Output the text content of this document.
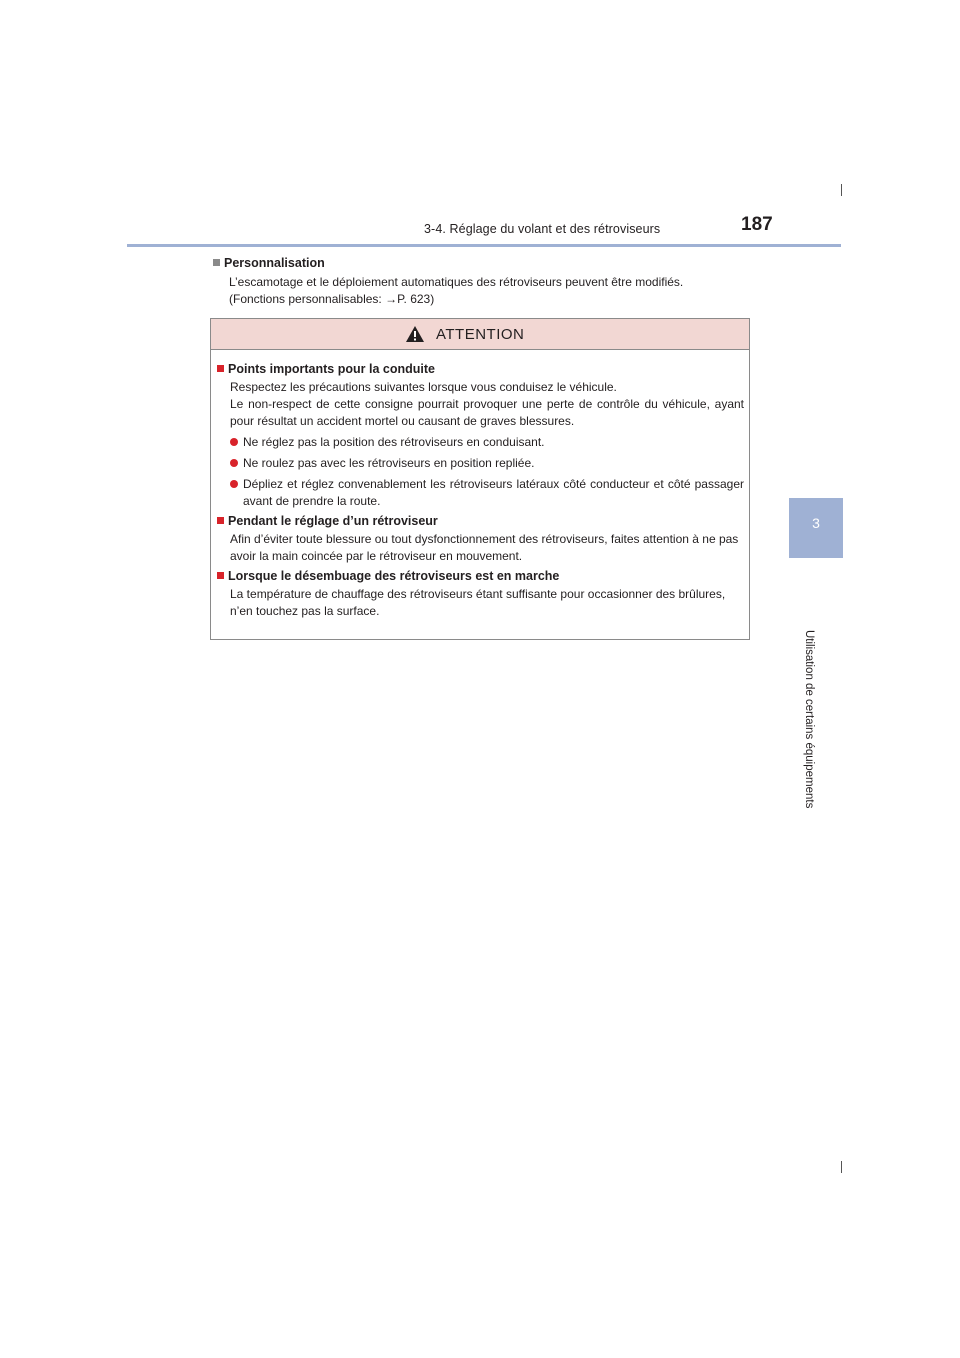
3-4. Réglage du volant et des rétroviseurs	187
3
Utilisation de certains équipements
Personnalisation
L’escamotage et le déploiement automatiques des rétroviseurs peuvent être modifiés.
(Fonctions personnalisables: →P. 623)
ATTENTION
Points importants pour la conduite
Respectez les précautions suivantes lorsque vous conduisez le véhicule.
Le non-respect de cette consigne pourrait provoquer une perte de contrôle du véhicule, ayant pour résultat un accident mortel ou causant de graves blessures.
Ne réglez pas la position des rétroviseurs en conduisant.
Ne roulez pas avec les rétroviseurs en position repliée.
Dépliez et réglez convenablement les rétroviseurs latéraux côté conducteur et côté passager avant de prendre la route.
Pendant le réglage d’un rétroviseur
Afin d’éviter toute blessure ou tout dysfonctionnement des rétroviseurs, faites attention à ne pas avoir la main coincée par le rétroviseur en mouvement.
Lorsque le désembuage des rétroviseurs est en marche
La température de chauffage des rétroviseurs étant suffisante pour occasionner des brûlures, n’en touchez pas la surface.
